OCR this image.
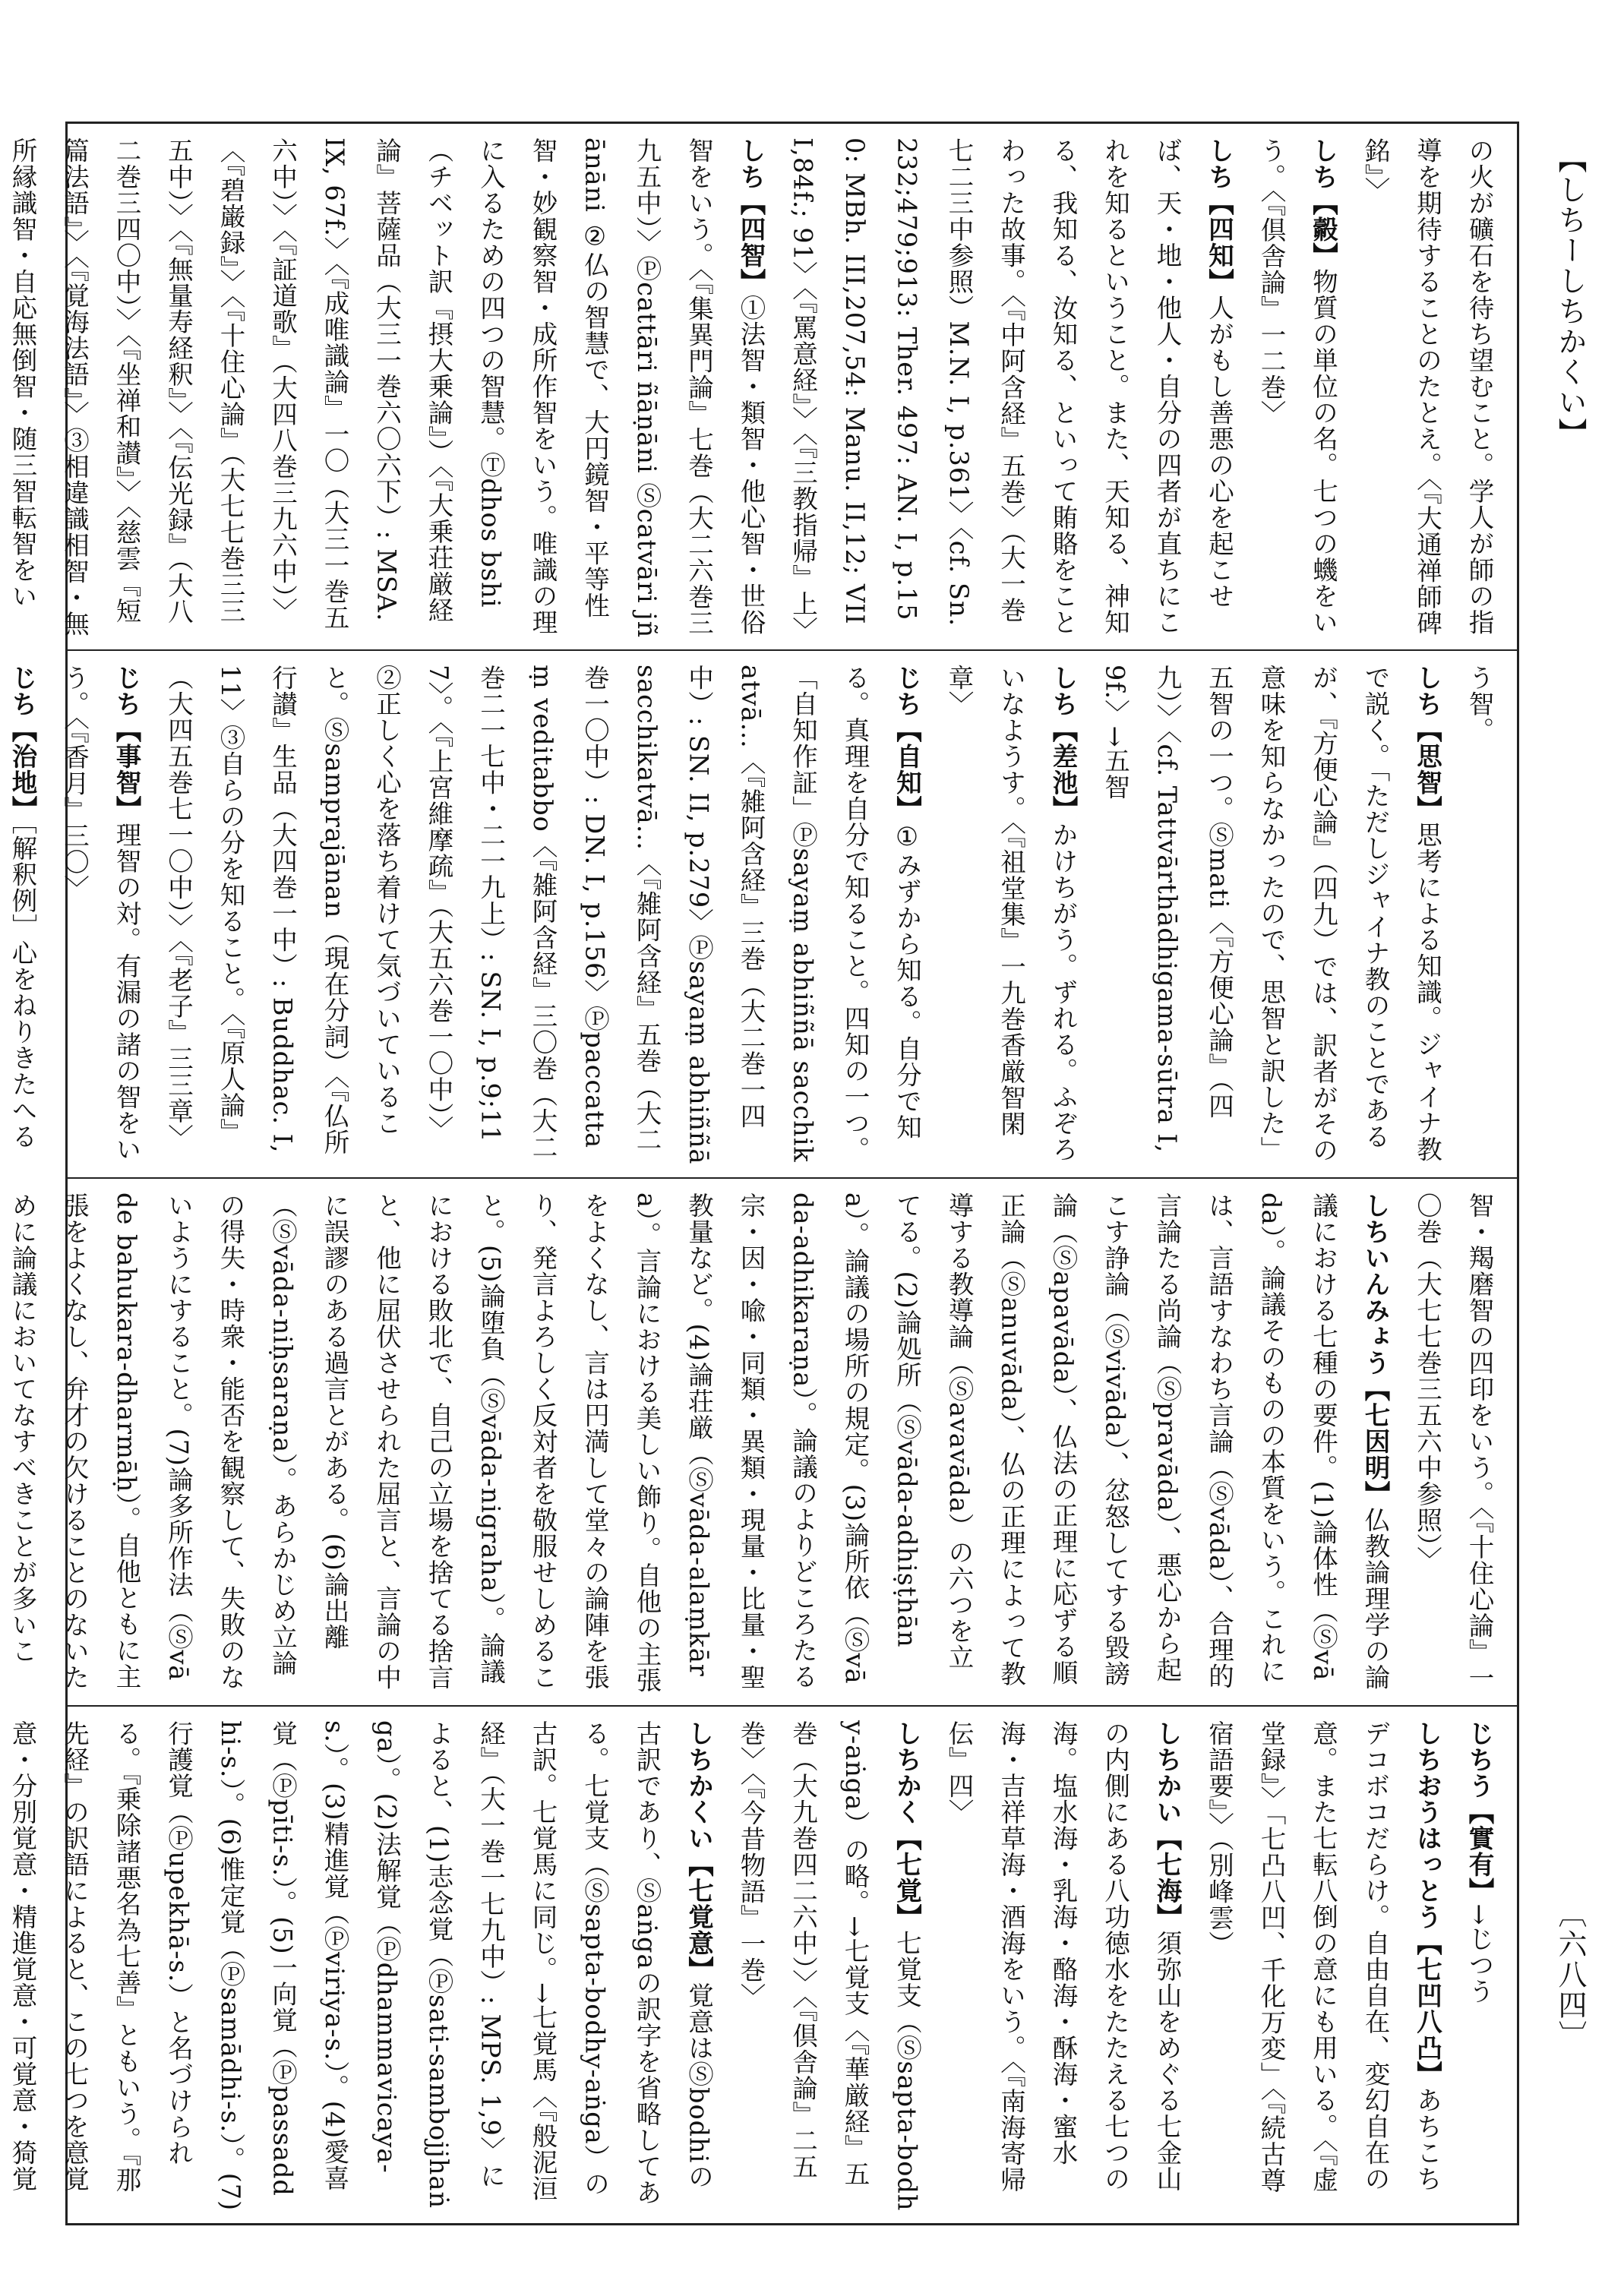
【しちーしちかくい】
〔六八四〕

の火が礦石を待ち望むこと。学人が師の指導を期待することのたとえ。〈『大通禅師碑銘』〉

しち【㲉】物質の単位の名。七つの蟣をいう。〈『倶舎論』一二巻〉

しち【四知】人がもし善悪の心を起こせば、天・地・他人・自分の四者が直ちにこれを知るということ。また、天知る、神知る、我知る、汝知る、といって賄賂をことわった故事。〈『中阿含経』五巻〉（大一巻七二三中参照）M.N. I, p.361〉〈cf. Sn. 232;479;913: Ther. 497: AN. I, p.150: MBh. III,207,54: Manu. II,12; VIII,84f.; 91〉〈『罵意経』〉〈『三教指帰』上〉

しち【四智】①法智・類智・他心智・世俗智をいう。〈『集異門論』七巻（大二六巻三九五中）〉Ⓟcattāri ñāṇāni Ⓢcatvāri jñānāni ②仏の智慧で、大円鏡智・平等性智・妙観察智・成所作智をいう。唯識の理に入るための四つの智慧。Ⓣdhos bshi（チベット訳『摂大乗論』）〈『大乗荘厳経論』菩薩品（大三一巻六〇六下）: MSA. IX, 67f.〉〈『成唯識論』一〇（大三一巻五六中）〉〈『証道歌』（大四八巻三九六中）〉〈『碧巌録』〉〈『十住心論』（大七七巻三三五中）〉〈『無量寿経釈』〉〈『伝光録』（大八二巻三四〇中）〉〈『坐禅和讃』〉〈慈雲『短篇法語』〉〈『覚海法語』〉③相違識相智・無所縁識智・自応無倒智・随三智転智をい

う智。

しち【思智】思考による知識。ジャイナ教で説く。「ただしジャイナ教のことであるが、『方便心論』（四九）では、訳者がその意味を知らなかったので、思智と訳した」五智の一つ。Ⓢmati〈『方便心論』（四九）〉〈cf. Tattvārthādhigama-sūtra I,9f.〉→五智

しち【差池】かけちがう。ずれる。ふぞろいなようす。〈『祖堂集』一九巻香厳智閑章〉

じち【自知】①みずから知る。自分で知る。真理を自分で知ること。四知の一つ。「自知作証」Ⓟsayaṃ abhiññā sacchikatvā…〈『雑阿含経』三巻（大二巻一四中）: SN. II, p.279〉Ⓟsayaṃ abhiññā sacchikatvā…〈『雑阿含経』五巻（大二巻一〇中）: DN. I, p.156〉Ⓟpaccattaṃ veditabbo〈『雑阿含経』三〇巻（大二巻二一七中・二一九上）: SN. I, p.9;117〉。〈『上宮維摩疏』（大五六巻一〇中）〉②正しく心を落ち着けて気づいていること。Ⓢsamprajānan（現在分詞）〈『仏所行讃』生品（大四巻一中）: Buddhac. I,11〉③自らの分を知ること。〈『原人論』（大四五巻七一〇中）〉〈『老子』三三章〉

じち【事智】理智の対。有漏の諸の智をいう。〈『香月』三〇〉

じち【治地】［解釈例］心をねりきたへる

智・羯磨智の四印をいう。〈『十住心論』一〇巻（大七七巻三五六中参照）〉

しちいんみょう【七因明】仏教論理学の論議における七種の要件。(1)論体性（Ⓢvāda）。論議そのものの本質をいう。これには、言語すなわち言論（Ⓢvāda）、合理的言論たる尚論（Ⓢpravāda）、悪心から起こす諍論（Ⓢvivāda）、忿怒してする毀謗論（Ⓢapavāda）、仏法の正理に応ずる順正論（Ⓢanuvāda）、仏の正理によって教導する教導論（Ⓢavavāda）の六つを立てる。(2)論処所（Ⓢvāda-adhiṣṭhāna）。論議の場所の規定。(3)論所依（Ⓢvāda-adhikaraṇa）。論議のよりどころたる宗・因・喩・同類・異類・現量・比量・聖教量など。(4)論荘厳（Ⓢvāda-alaṃkāra）。言論における美しい飾り。自他の主張をよくなし、言は円満して堂々の論陣を張り、発言よろしく反対者を敬服せしめること。(5)論堕負（Ⓢvāda-nigraha）。論議における敗北で、自己の立場を捨てる捨言と、他に屈伏させられた屈言と、言論の中に誤謬のある過言とがある。(6)論出離（Ⓢvāda-niḥsaraṇa）。あらかじめ立論の得失・時衆・能否を観察して、失敗のないようにすること。(7)論多所作法（Ⓢvāde bahukara-dharmāḥ）。自他ともに主張をよくなし、弁才の欠けることのないために論議においてなすべきことが多いこ

じちう【實有】→じつう

しちおうはっとう【七凹八凸】あちこちデコボコだらけ。自由自在、変幻自在の意。また七転八倒の意にも用いる。〈『虚堂録』〉「七凸八凹、千化万変」〈『続古尊宿語要』〉（別峰雲）

しちかい【七海】須弥山をめぐる七金山の内側にある八功徳水をたたえる七つの海。塩水海・乳海・酪海・酥海・蜜水海・吉祥草海・酒海をいう。〈『南海寄帰伝』四〉

しちかく【七覚】七覚支（Ⓢsapta-bodhy-aṅga）の略。→七覚支〈『華厳経』五巻（大九巻四二六中）〉〈『倶舎論』二五巻〉〈『今昔物語』一巻〉

しちかくい【七覚意】覚意はⓈbodhiの古訳であり、Ⓢaṅgaの訳字を省略してある。七覚支（Ⓢsapta-bodhy-aṅga）の古訳。七覚馬に同じ。→七覚馬〈『般泥洹経』（大一巻一七九中）: MPS. 1,9〉によると、(1)志念覚（Ⓟsati-sambojjhaṅga）。(2)法解覚（Ⓟdhammavicaya-s.）。(3)精進覚（Ⓟviriya-s.）。(4)愛喜覚（Ⓟpīti-s.）。(5)一向覚（Ⓟpassaddhi-s.）。(6)惟定覚（Ⓟsamādhi-s.）。(7)行護覚（Ⓟupekhā-s.）と名づけられる。『乗除諸悪名為七善』ともいう。『那先経』の訳語によると、この七つを意覚意・分別覚意・精進覚意・可覚意・猗覚
